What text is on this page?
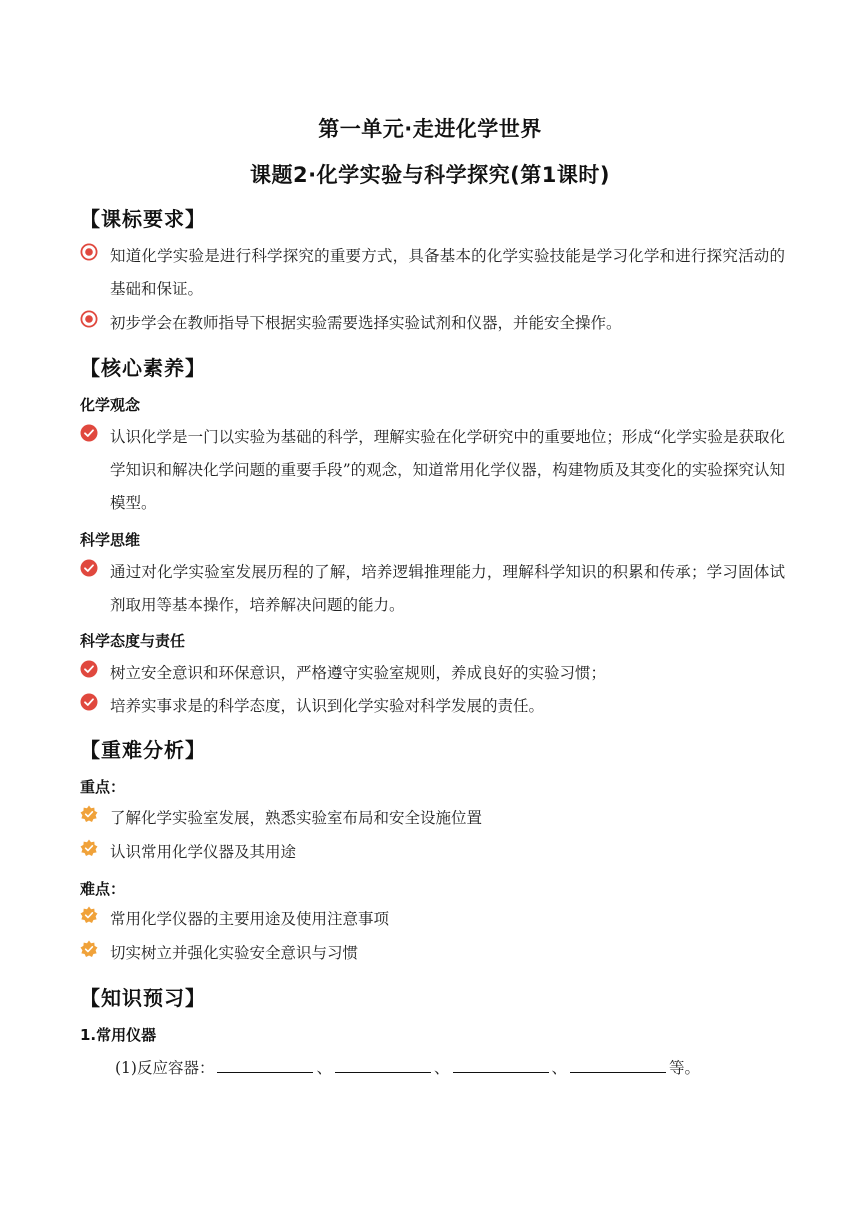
第一单元·走进化学世界
课题2·化学实验与科学探究(第1课时)
【课标要求】
知道化学实验是进行科学探究的重要方式，具备基本的化学实验技能是学习化学和进行探究活动的基础和保证。
初步学会在教师指导下根据实验需要选择实验试剂和仪器，并能安全操作。
【核心素养】
化学观念
认识化学是一门以实验为基础的科学，理解实验在化学研究中的重要地位；形成“化学实验是获取化学知识和解决化学问题的重要手段”的观念，知道常用化学仪器，构建物质及其变化的实验探究认知模型。
科学思维
通过对化学实验室发展历程的了解，培养逻辑推理能力，理解科学知识的积累和传承；学习固体试剂取用等基本操作，培养解决问题的能力。
科学态度与责任
树立安全意识和环保意识，严格遵守实验室规则，养成良好的实验习惯；
培养实事求是的科学态度，认识到化学实验对科学发展的责任。
【重难分析】
重点：
了解化学实验室发展，熟悉实验室布局和安全设施位置
认识常用化学仪器及其用途
难点：
常用化学仪器的主要用途及使用注意事项
切实树立并强化实验安全意识与习惯
【知识预习】
1.常用仪器
(1)反应容器：	、	、	、	等。
